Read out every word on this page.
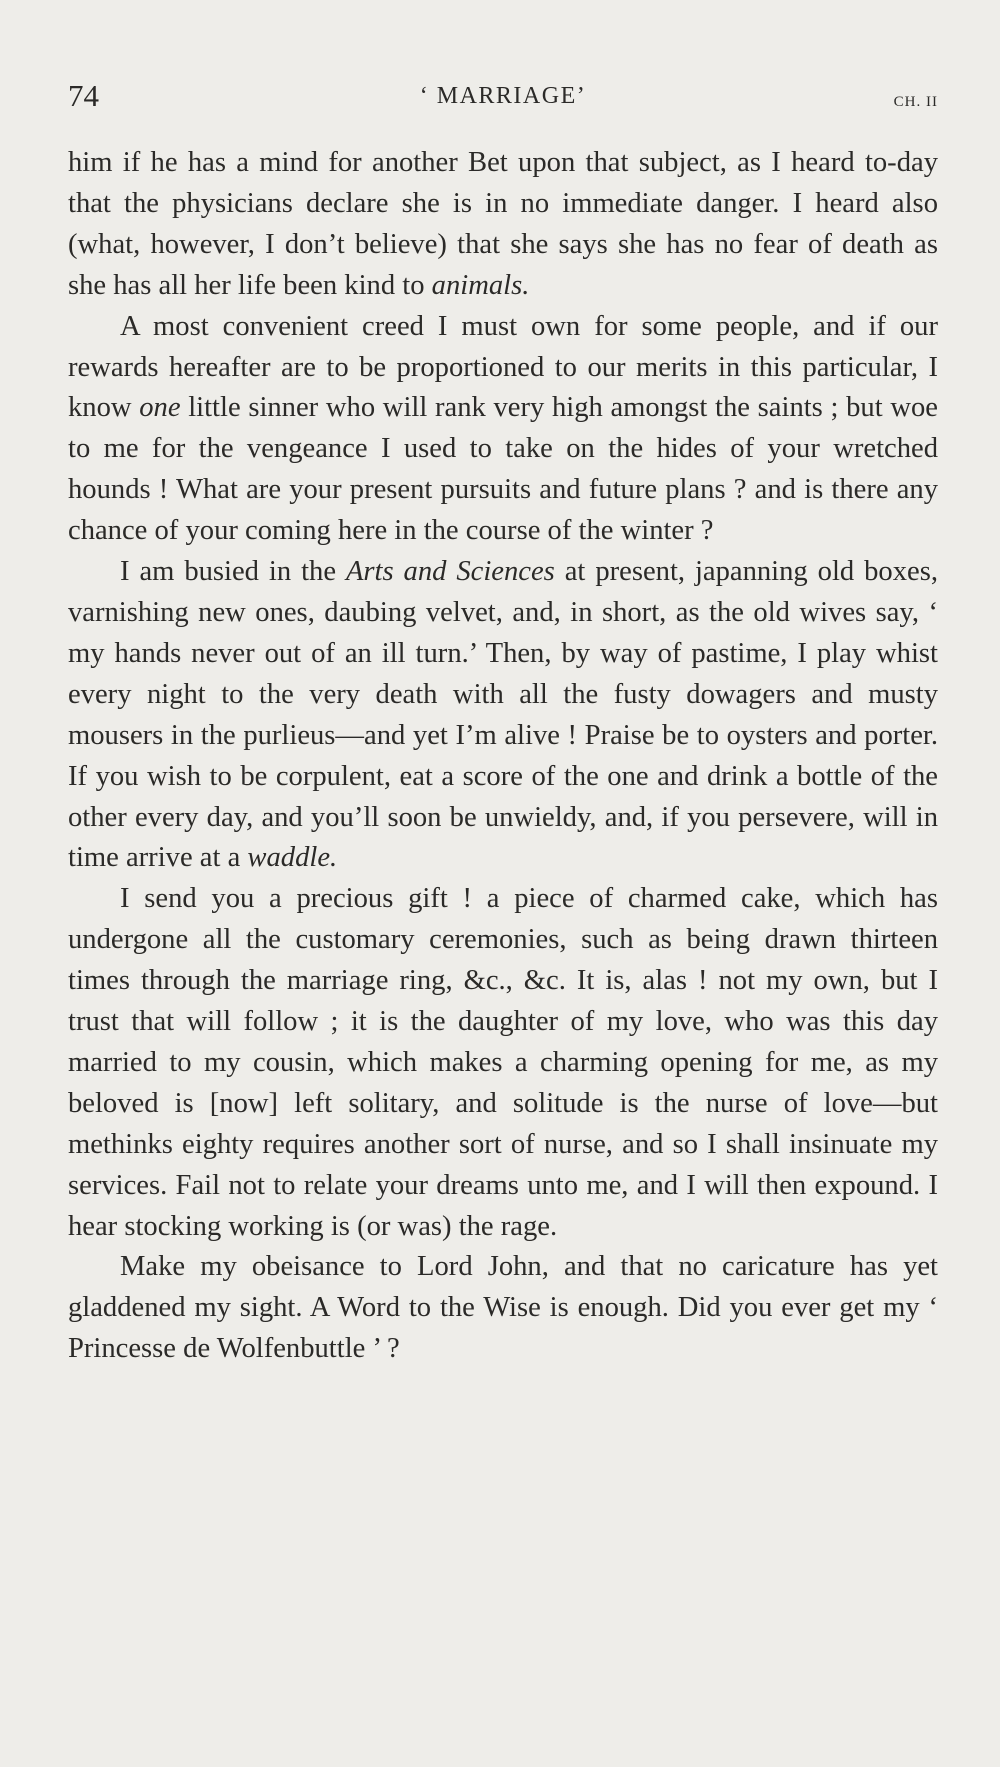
74	‘ MARRIAGE’	CH. II

him if he has a mind for another Bet upon that subject, as I heard to-day that the physicians declare she is in no immediate danger. I heard also (what, however, I don’t believe) that she says she has no fear of death as she has all her life been kind to animals.

A most convenient creed I must own for some people, and if our rewards hereafter are to be proportioned to our merits in this particular, I know one little sinner who will rank very high amongst the saints ; but woe to me for the vengeance I used to take on the hides of your wretched hounds ! What are your present pursuits and future plans ? and is there any chance of your coming here in the course of the winter ?

I am busied in the Arts and Sciences at present, japanning old boxes, varnishing new ones, daubing velvet, and, in short, as the old wives say, ‘ my hands never out of an ill turn.’ Then, by way of pastime, I play whist every night to the very death with all the fusty dowagers and musty mousers in the purlieus—and yet I’m alive ! Praise be to oysters and porter. If you wish to be corpulent, eat a score of the one and drink a bottle of the other every day, and you’ll soon be unwieldy, and, if you persevere, will in time arrive at a waddle.

I send you a precious gift ! a piece of charmed cake, which has undergone all the customary ceremonies, such as being drawn thirteen times through the marriage ring, &c., &c. It is, alas ! not my own, but I trust that will follow ; it is the daughter of my love, who was this day married to my cousin, which makes a charming opening for me, as my beloved is [now] left solitary, and solitude is the nurse of love—but methinks eighty requires another sort of nurse, and so I shall insinuate my services. Fail not to relate your dreams unto me, and I will then expound. I hear stocking working is (or was) the rage.

Make my obeisance to Lord John, and that no caricature has yet gladdened my sight. A Word to the Wise is enough. Did you ever get my ‘ Princesse de Wolfenbuttle ’ ?
